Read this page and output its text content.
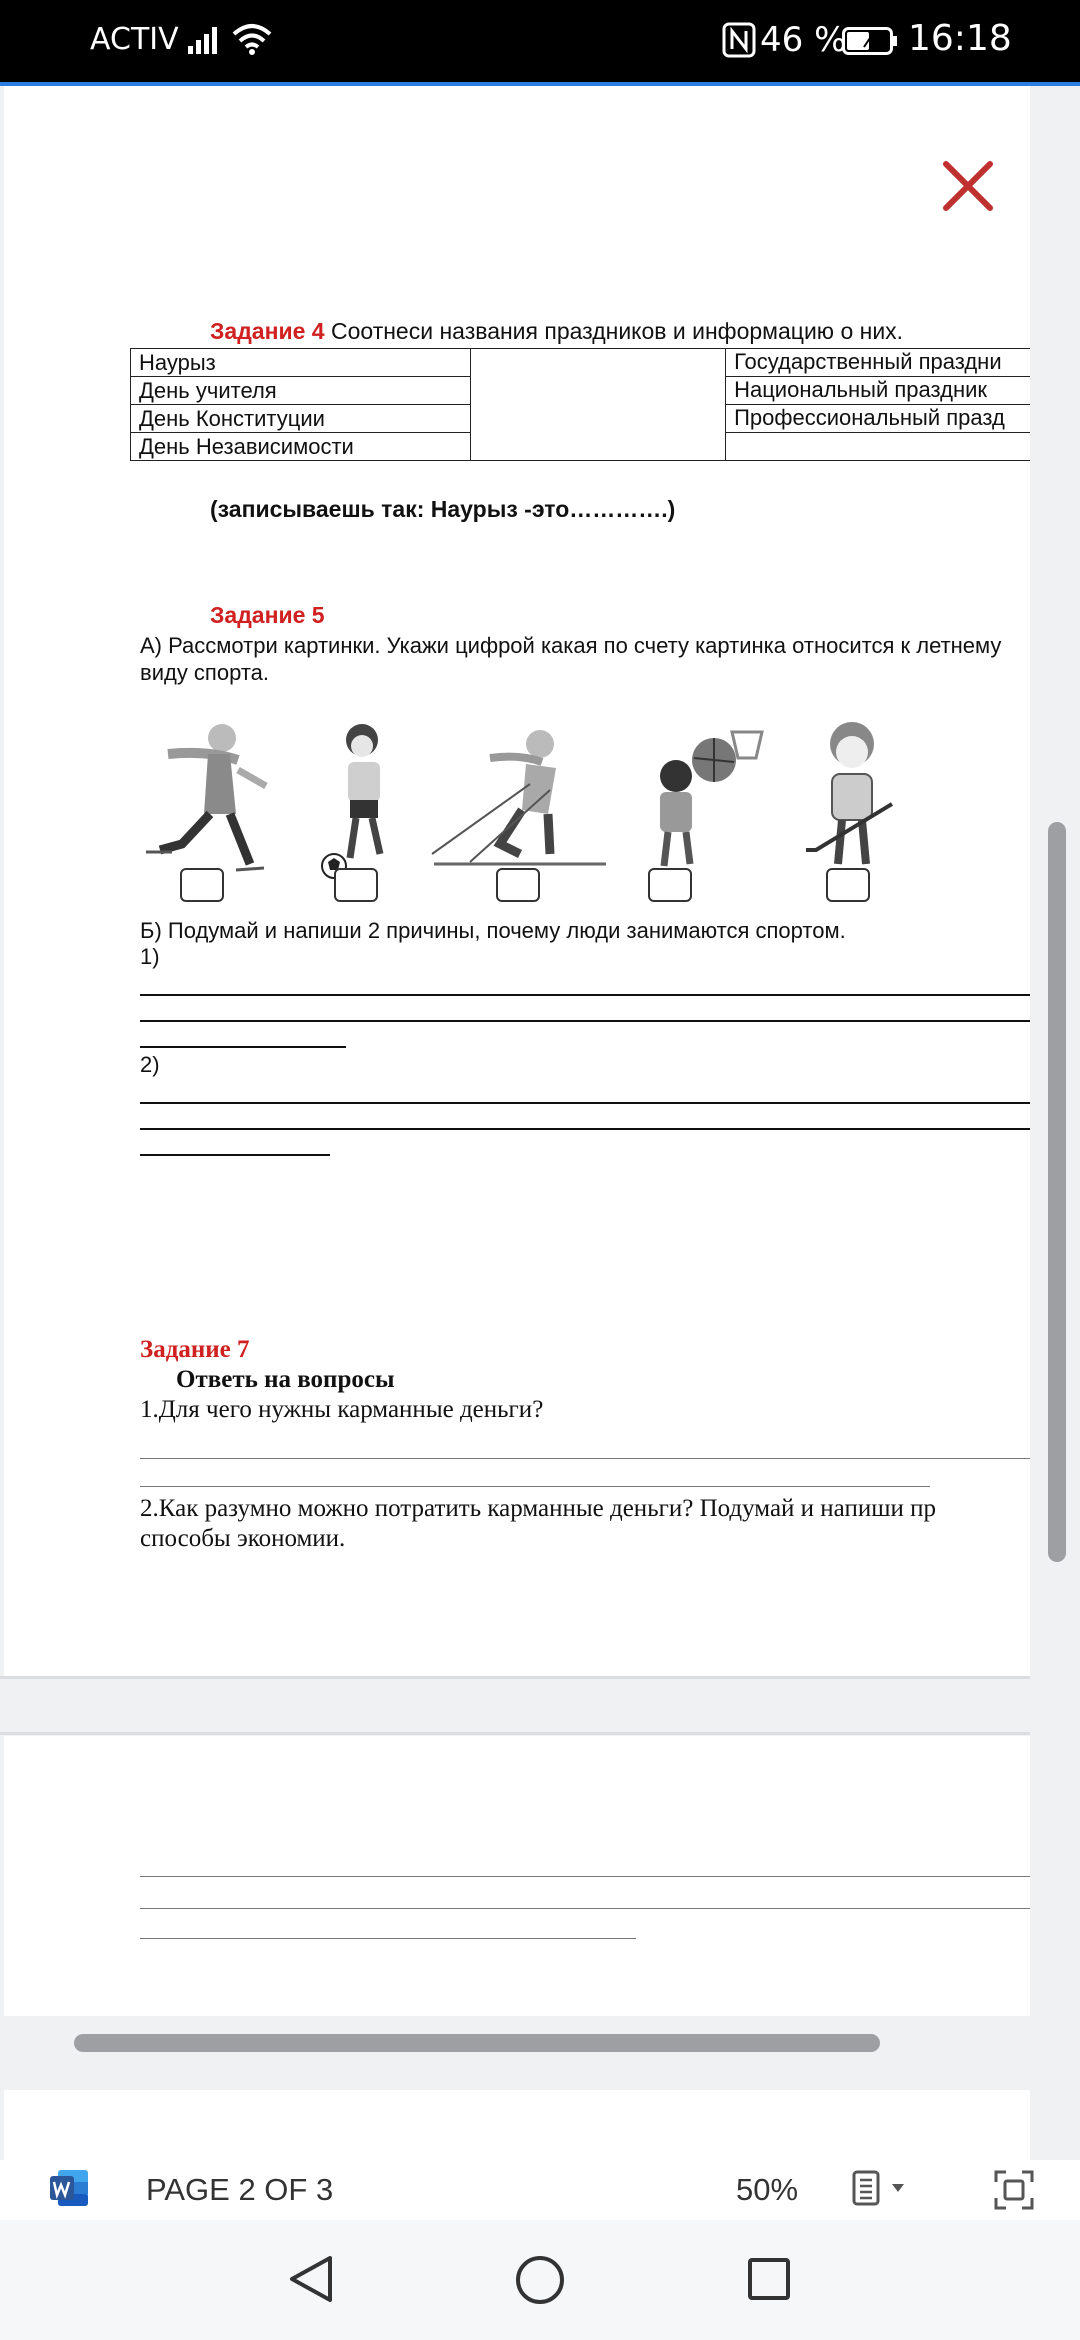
ACTIV	46 % 16:18
Задание 4 Соотнеси названия праздников и информацию о них.
Наурыз		Государственный праздни
День учителя		Национальный праздник
День Конституции		Профессиональный празд
День Независимости		
(записываешь так: Наурыз -это………….)
Задание 5
А) Рассмотри картинки. Укажи цифрой какая по счету картинка относится к летнему виду спорта.
Б) Подумай и напиши 2 причины, почему люди занимаются спортом.
1)
2)
Задание 7
Ответь на вопросы
1.Для чего нужны карманные деньги?
2.Как разумно можно потратить карманные деньги? Подумай и напиши пр
способы экономии.
PAGE 2 OF 3	50%
